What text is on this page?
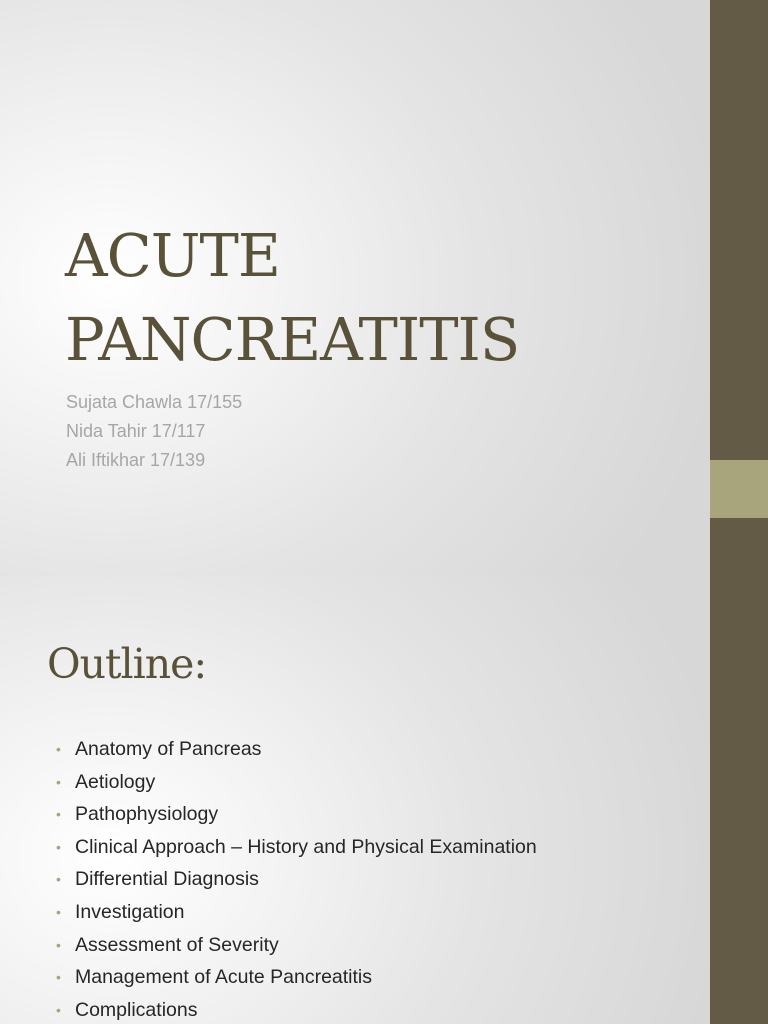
ACUTE
PANCREATITIS
Sujata Chawla 17/155
Nida Tahir 17/117
Ali Iftikhar 17/139
Outline:
• Anatomy of Pancreas
• Aetiology
• Pathophysiology
• Clinical Approach – History and Physical Examination
• Differential Diagnosis
• Investigation
• Assessment of Severity
• Management of Acute Pancreatitis
• Complications
